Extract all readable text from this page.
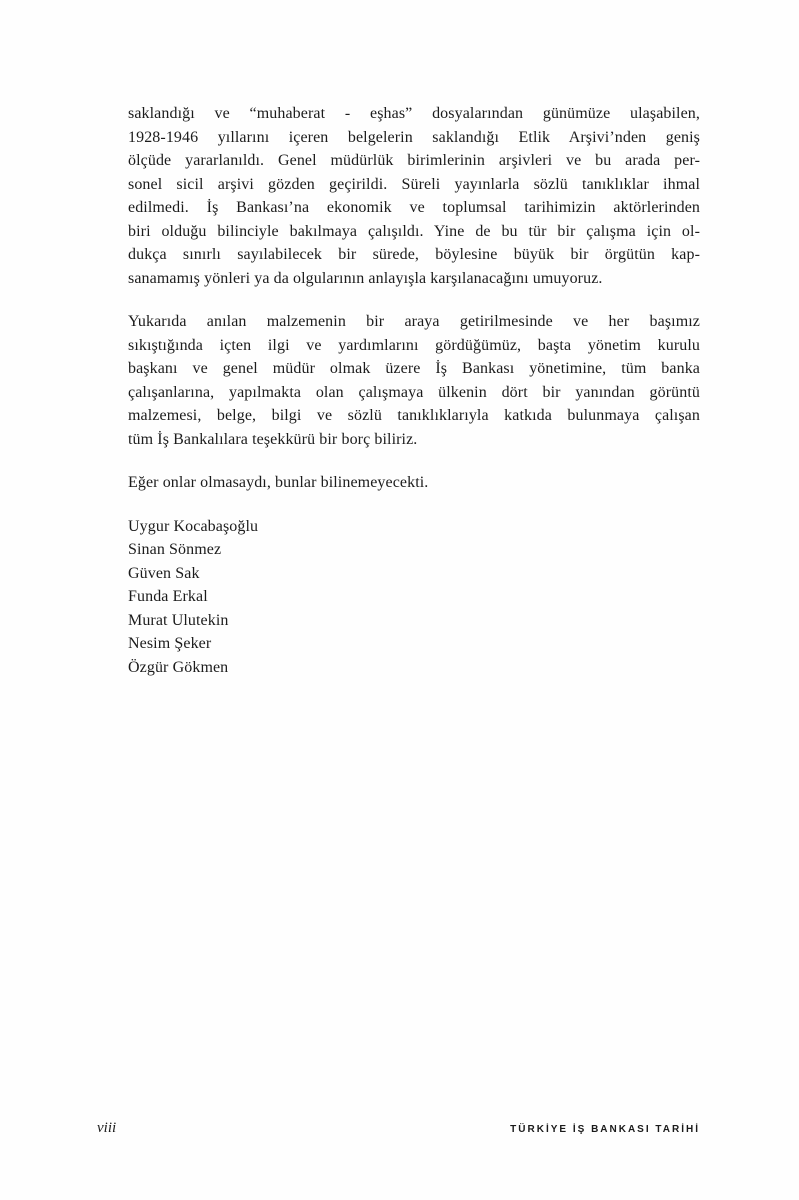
saklandığı ve “muhaberat - eşhas” dosyalarından günümüze ulaşabilen,
1928-1946 yıllarını içeren belgelerin saklandığı Etlik Arşivi’nden geniş
ölçüde yararlanıldı. Genel müdürlük birimlerinin arşivleri ve bu arada per-
sonel sicil arşivi gözden geçirildi. Süreli yayınlarla sözlü tanıklıklar ihmal
edilmedi. İş Bankası’na ekonomik ve toplumsal tarihimizin aktörlerinden
biri olduğu bilinciyle bakılmaya çalışıldı. Yine de bu tür bir çalışma için ol-
dukça sınırlı sayılabilecek bir sürede, böylesine büyük bir örgütün kap-
sanamamış yönleri ya da olgularının anlayışla karşılanacağını umuyoruz.
Yukarıda anılan malzemenin bir araya getirilmesinde ve her başımız
sıkıştığında içten ilgi ve yardımlarını gördüğümüz, başta yönetim kurulu
başkanı ve genel müdür olmak üzere İş Bankası yönetimine, tüm banka
çalışanlarına, yapılmakta olan çalışmaya ülkenin dört bir yanından görüntü
malzemesi, belge, bilgi ve sözlü tanıklıklarıyla katkıda bulunmaya çalışan
tüm İş Bankalılara teşekkürü bir borç biliriz.
Eğer onlar olmasaydı, bunlar bilinemeyecekti.
Uygur Kocabaşoğlu
Sinan Sönmez
Güven Sak
Funda Erkal
Murat Ulutekin
Nesim Şeker
Özgür Gökmen
viii	TÜRKİYE İŞ BANKASI TARİHİ
